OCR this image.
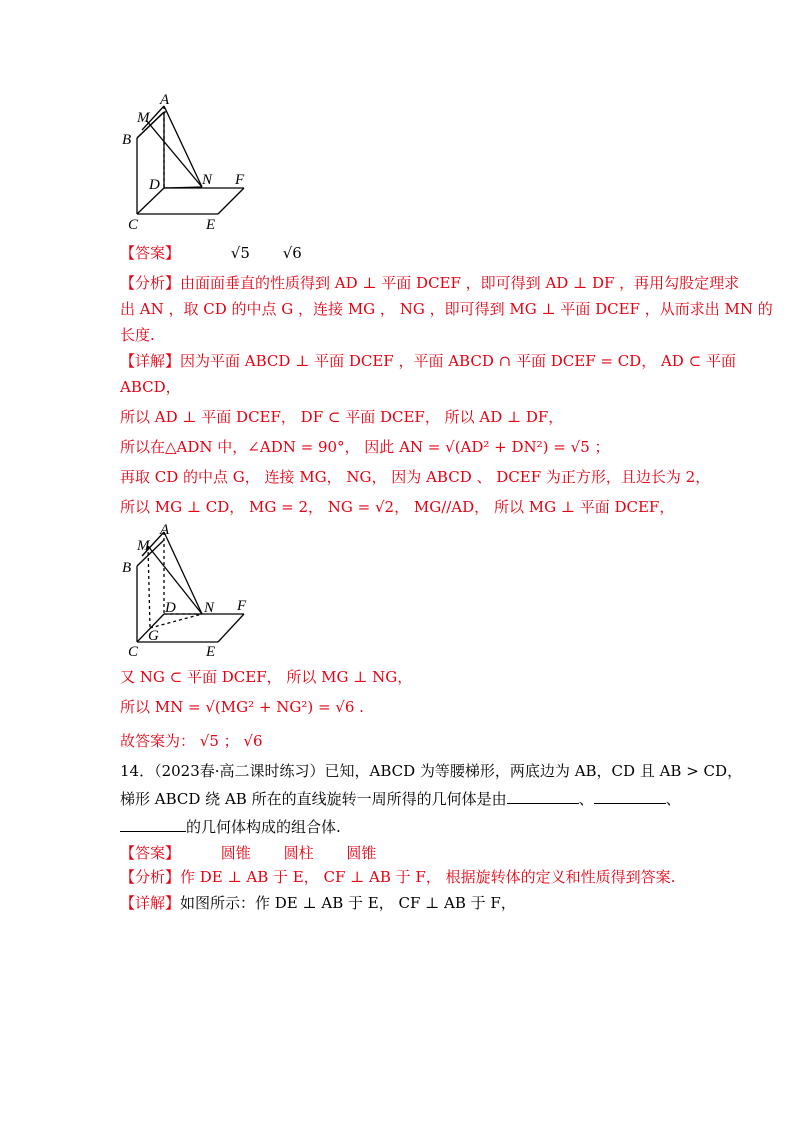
A
M
B
D	N F
C	E
【答案】	√5 √6
【分析】由面面垂直的性质得到 AD ⊥ 平面 DCEF ，即可得到 AD ⊥ DF ，再用勾股定理求
出 AN ，取 CD 的中点 G ，连接 MG ， NG ，即可得到 MG ⊥ 平面 DCEF ，从而求出 MN 的
长度.
【详解】因为平面 ABCD ⊥ 平面 DCEF ，平面 ABCD ∩ 平面 DCEF = CD， AD ⊂ 平面
ABCD，
所以 AD ⊥ 平面 DCEF， DF ⊂ 平面 DCEF， 所以 AD ⊥ DF，
所以在△ADN 中，∠ADN = 90°， 因此 AN = √(AD² + DN²) = √5 ；
再取 CD 的中点 G， 连接 MG， NG， 因为 ABCD 、 DCEF 为正方形，且边长为 2，
所以 MG ⊥ CD， MG = 2， NG = √2， MG//AD， 所以 MG ⊥ 平面 DCEF，
A
M
B
D N F
G
C	E
又 NG ⊂ 平面 DCEF， 所以 MG ⊥ NG，
所以 MN = √(MG² + NG²) = √6 .
故答案为： √5 ； √6
14．（2023春·高二课时练习）已知，ABCD 为等腰梯形，两底边为 AB，CD 且 AB > CD，
梯形 ABCD 绕 AB 所在的直线旋转一周所得的几何体是由	、	、
的几何体构成的组合体.
【答案】	圆锥 圆柱 圆锥
【分析】作 DE ⊥ AB 于 E， CF ⊥ AB 于 F， 根据旋转体的定义和性质得到答案.
【详解】如图所示：作 DE ⊥ AB 于 E， CF ⊥ AB 于 F，
